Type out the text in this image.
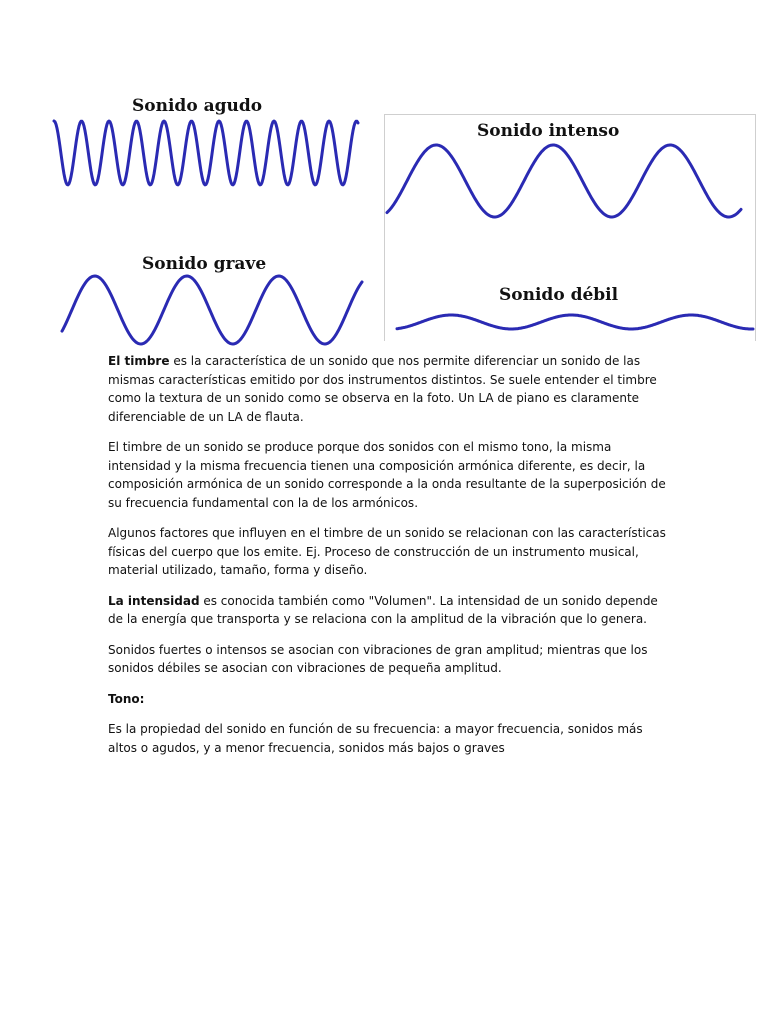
Sonido agudo
Sonido grave
Sonido intenso
Sonido débil

El timbre es la característica de un sonido que nos permite diferenciar un sonido de las mismas características emitido por dos instrumentos distintos. Se suele entender el timbre como la textura de un sonido como se observa en la foto. Un LA de piano es claramente diferenciable de un LA de flauta.

El timbre de un sonido se produce porque dos sonidos con el mismo tono, la misma intensidad y la misma frecuencia tienen una composición armónica diferente, es decir, la composición armónica de un sonido corresponde a la onda resultante de la superposición de su frecuencia fundamental con la de los armónicos.

Algunos factores que influyen en el timbre de un sonido se relacionan con las características físicas del cuerpo que los emite. Ej. Proceso de construcción de un instrumento musical, material utilizado, tamaño, forma y diseño.

La intensidad es conocida también como "Volumen". La intensidad de un sonido depende de la energía que transporta y se relaciona con la amplitud de la vibración que lo genera.

Sonidos fuertes o intensos se asocian con vibraciones de gran amplitud; mientras que los sonidos débiles se asocian con vibraciones de pequeña amplitud.

Tono:

Es la propiedad del sonido en función de su frecuencia: a mayor frecuencia, sonidos más altos o agudos, y a menor frecuencia, sonidos más bajos o graves
